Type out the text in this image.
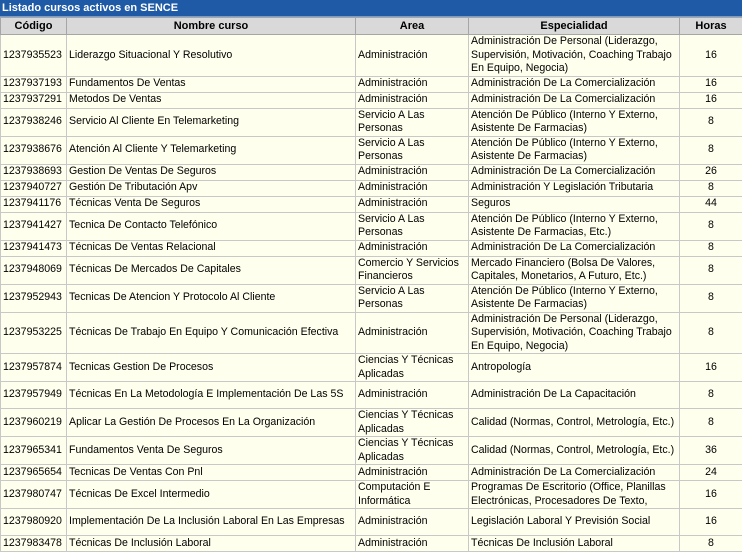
Listado cursos activos en SENCE
Código	Nombre curso	Area	Especialidad	Horas
1237935523	Liderazgo Situacional Y Resolutivo	Administración	Administración De Personal (Liderazgo, Supervisión, Motivación, Coaching Trabajo En Equipo, Negocia)	16
1237937193	Fundamentos De Ventas	Administración	Administración De La Comercialización	16
1237937291	Metodos De Ventas	Administración	Administración De La Comercialización	16
1237938246	Servicio Al Cliente En Telemarketing	Servicio A Las Personas	Atención De Público (Interno Y Externo, Asistente De Farmacias)	8
1237938676	Atención Al Cliente Y Telemarketing	Servicio A Las Personas	Atención De Público (Interno Y Externo, Asistente De Farmacias)	8
1237938693	Gestion De Ventas De Seguros	Administración	Administración De La Comercialización	26
1237940727	Gestión De Tributación Apv	Administración	Administración Y Legislación Tributaria	8
1237941176	Técnicas Venta De Seguros	Administración	Seguros	44
1237941427	Tecnica De Contacto Telefónico	Servicio A Las Personas	Atención De Público (Interno Y Externo, Asistente De Farmacias, Etc.)	8
1237941473	Técnicas De Ventas Relacional	Administración	Administración De La Comercialización	8
1237948069	Técnicas De Mercados De Capitales	Comercio Y Servicios Financieros	Mercado Financiero (Bolsa De Valores, Capitales, Monetarios, A Futuro, Etc.)	8
1237952943	Tecnicas De Atencion Y Protocolo Al Cliente	Servicio A Las Personas	Atención De Público (Interno Y Externo, Asistente De Farmacias)	8
1237953225	Técnicas De Trabajo En Equipo Y Comunicación Efectiva	Administración	Administración De Personal (Liderazgo, Supervisión, Motivación, Coaching Trabajo En Equipo, Negocia)	8
1237957874	Tecnicas Gestion De Procesos	Ciencias Y Técnicas Aplicadas	Antropología	16
1237957949	Técnicas En La Metodología E Implementación De Las 5S	Administración	Administración De La Capacitación	8
1237960219	Aplicar La Gestión De Procesos En La Organización	Ciencias Y Técnicas Aplicadas	Calidad (Normas, Control, Metrología, Etc.)	8
1237965341	Fundamentos Venta De Seguros	Ciencias Y Técnicas Aplicadas	Calidad (Normas, Control, Metrología, Etc.)	36
1237965654	Tecnicas De Ventas Con Pnl	Administración	Administración De La Comercialización	24
1237980747	Técnicas De Excel Intermedio	Computación E Informática	Programas De Escritorio (Office, Planillas Electrónicas, Procesadores De Texto,	16
1237980920	Implementación De La Inclusión Laboral En Las Empresas	Administración	Legislación Laboral Y Previsión Social	16
1237983478	Técnicas De Inclusión Laboral	Administración	Técnicas De Inclusión Laboral	8
